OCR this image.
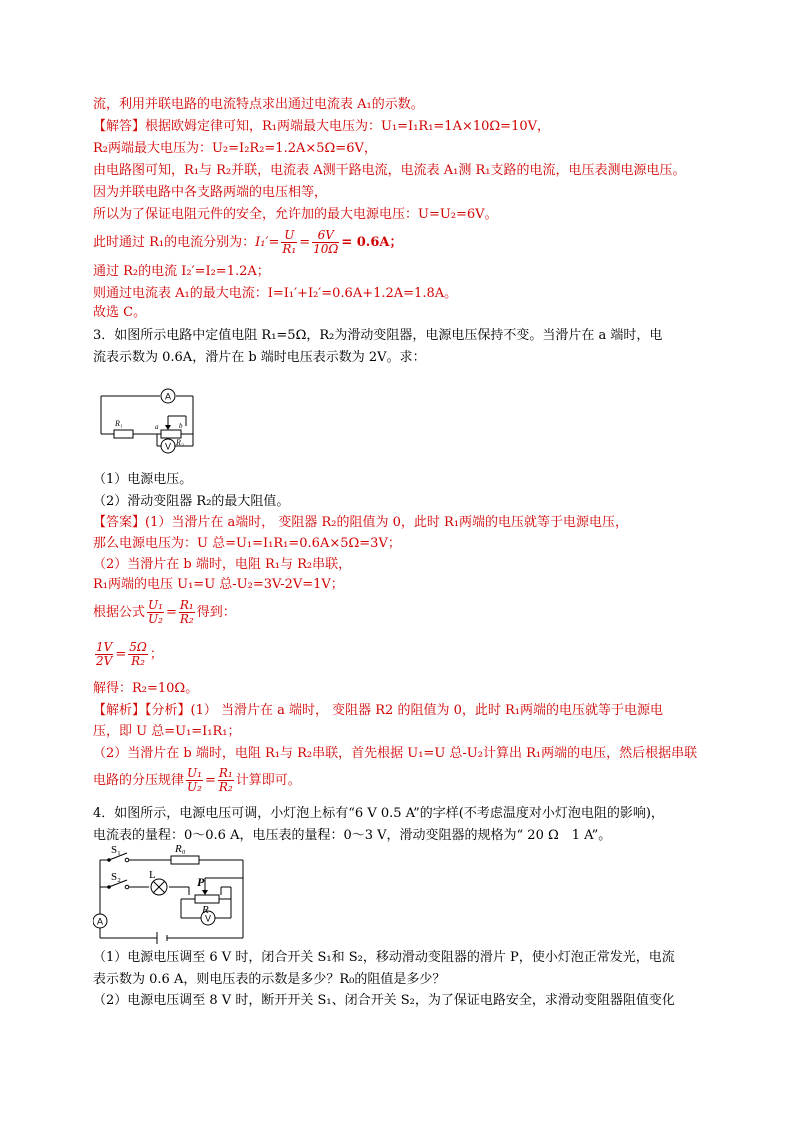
流，利用并联电路的电流特点求出通过电流表 A₁的示数。
【解答】根据欧姆定律可知，R₁两端最大电压为：U₁=I₁R₁=1A×10Ω=10V，
R₂两端最大电压为：U₂=I₂R₂=1.2A×5Ω=6V，
由电路图可知，R₁与 R₂并联，电流表 A测干路电流，电流表 A₁测 R₁支路的电流，电压表测电源电压。
因为并联电路中各支路两端的电压相等，
所以为了保证电阻元件的安全，允许加的最大电源电压：U=U₂=6V。
此时通过 R₁的电流分别为：$I_1'= \frac{U}{\text{R₁}} = \frac{6V}{10\Omega} = 0.6A$；
通过 R₂的电流 I₂′=I₂=1.2A；
则通过电流表 A₁的最大电流：I=I₁′+I₂′=0.6A+1.2A=1.8A。
故选 C。
3．如图所示电路中定值电阻 R₁=5Ω，R₂为滑动变阻器，电源电压保持不变。当滑片在 a 端时，电
流表示数为 0.6A，滑片在 b 端时电压表示数为 2V。求：
A
V
R₁
R₂
a	b
（1）电源电压。
（2）滑动变阻器 R₂的最大阻值。
【答案】(1）当滑片在 a端时， 变阻器 R₂的阻值为 0，此时 R₁两端的电压就等于电源电压，
那么电源电压为：U 总=U₁=I₁R₁=0.6A×5Ω=3V；
（2）当滑片在 b 端时，电阻 R₁与 R₂串联，
R₁两端的电压 U₁=U 总-U₂=3V-2V=1V；
根据公式 $\frac{\text{U₁}}{\text{U₂}} = \frac{\text{R₁}}{\text{R₂}}$ 得到：
$\frac{1V}{2V} = \frac{5\Omega}{\text{R₂}}$ ；
解得：R₂=10Ω。
【解析】【分析】(1） 当滑片在 a 端时， 变阻器 R2 的阻值为 0，此时 R₁两端的电压就等于电源电
压，即 U 总=U₁=I₁R₁；
（2）当滑片在 b 端时，电阻 R₁与 R₂串联，首先根据 U₁=U 总-U₂计算出 R₁两端的电压，然后根据串联
电路的分压规律 $\frac{\text{U₁}}{\text{U₂}} = \frac{\text{R₁}}{\text{R₂}}$ 计算即可。
4．如图所示，电源电压可调，小灯泡上标有“6 V 0.5 A”的字样(不考虑温度对小灯泡电阻的影响)，
电流表的量程：0～0.6 A，电压表的量程：0～3 V，滑动变阻器的规格为“ 20 Ω　1 A”。
A	V
S₁
S₂
R₀
L	P
R
（1）电源电压调至 6 V 时，闭合开关 S₁和 S₂，移动滑动变阻器的滑片 P，使小灯泡正常发光，电流
表示数为 0.6 A，则电压表的示数是多少？R₀的阻值是多少？
（2）电源电压调至 8 V 时，断开开关 S₁、闭合开关 S₂，为了保证电路安全，求滑动变阻器阻值变化
